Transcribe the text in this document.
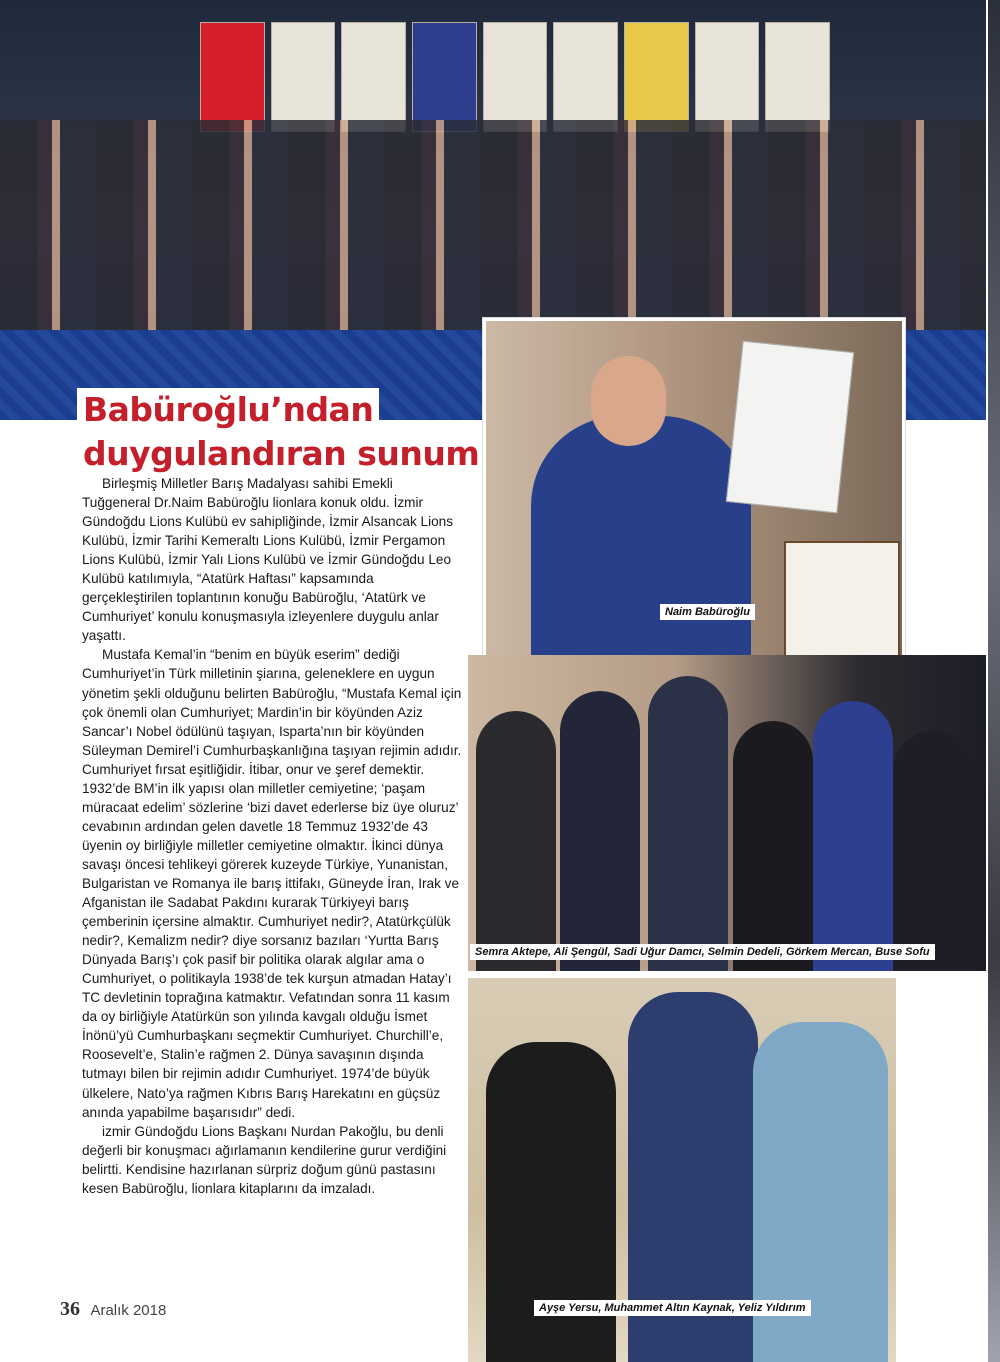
Babüroğlu’ndan
duygulandıran sunum
Naim Babüroğlu
Semra Aktepe, Ali Şengül, Sadi Uğur Damcı, Selmin Dedeli, Görkem Mercan, Buse Sofu
Ayşe Yersu, Muhammet Altın Kaynak, Yeliz Yıldırım

Birleşmiş Milletler Barış Madalyası sahibi Emekli Tuğgeneral Dr.Naim Babüroğlu lionlara konuk oldu. İzmir Gündoğdu Lions Kulübü ev sahipliğinde, İzmir Alsancak Lions Kulübü, İzmir Tarihi Kemeraltı Lions Kulübü, İzmir Pergamon Lions Kulübü, İzmir Yalı Lions Kulübü ve İzmir Gündoğdu Leo Kulübü katılımıyla, “Atatürk Haftası” kapsamında gerçekleştirilen toplantının konuğu Babüroğlu, ‘Atatürk ve Cumhuriyet’ konulu konuşmasıyla izleyenlere duygulu anlar yaşattı.

Mustafa Kemal’in “benim en büyük eserim” dediği Cumhuriyet’in Türk milletinin şiarına, geleneklere en uygun yönetim şekli olduğunu belirten Babüroğlu, “Mustafa Kemal için çok önemli olan Cumhuriyet; Mardin’in bir köyünden Aziz Sancar’ı Nobel ödülünü taşıyan, Isparta’nın bir köyünden Süleyman Demirel’i Cumhurbaşkanlığına taşıyan rejimin adıdır. Cumhuriyet fırsat eşitliğidir. İtibar, onur ve şeref demektir. 1932’de BM’in ilk yapısı olan milletler cemiyetine; ‘paşam müracaat edelim’ sözlerine ‘bizi davet ederlerse biz üye oluruz’ cevabının ardından gelen davetle 18 Temmuz 1932’de 43 üyenin oy birliğiyle milletler cemiyetine olmaktır. İkinci dünya savaşı öncesi tehlikeyi görerek kuzeyde Türkiye, Yunanistan, Bulgaristan ve Romanya ile barış ittifakı, Güneyde İran, Irak ve Afganistan ile Sadabat Pakdını kurarak Türkiyeyi barış çemberinin içersine almaktır. Cumhuriyet nedir?, Atatürkçülük nedir?, Kemalizm nedir? diye sorsanız bazıları ‘Yurtta Barış Dünyada Barış’ı çok pasif bir politika olarak algılar ama o Cumhuriyet, o politikayla 1938’de tek kurşun atmadan Hatay’ı TC devletinin toprağına katmaktır. Vefatından sonra 11 kasım da oy birliğiyle Atatürkün son yılında kavgalı olduğu İsmet İnönü’yü Cumhurbaşkanı seçmektir Cumhuriyet. Churchill’e, Roosevelt’e, Stalin’e rağmen 2. Dünya savaşının dışında tutmayı bilen bir rejimin adıdır Cumhuriyet. 1974’de büyük ülkelere, Nato’ya rağmen Kıbrıs Barış Harekatını en güçsüz anında yapabilme başarısıdır” dedi.

izmir Gündoğdu Lions Başkanı Nurdan Pakoğlu, bu denli değerli bir konuşmacı ağırlamanın kendilerine gurur verdiğini belirtti. Kendisine hazırlanan sürpriz doğum günü pastasını kesen Babüroğlu, lionlara kitaplarını da imzaladı.

36 Aralık 2018
